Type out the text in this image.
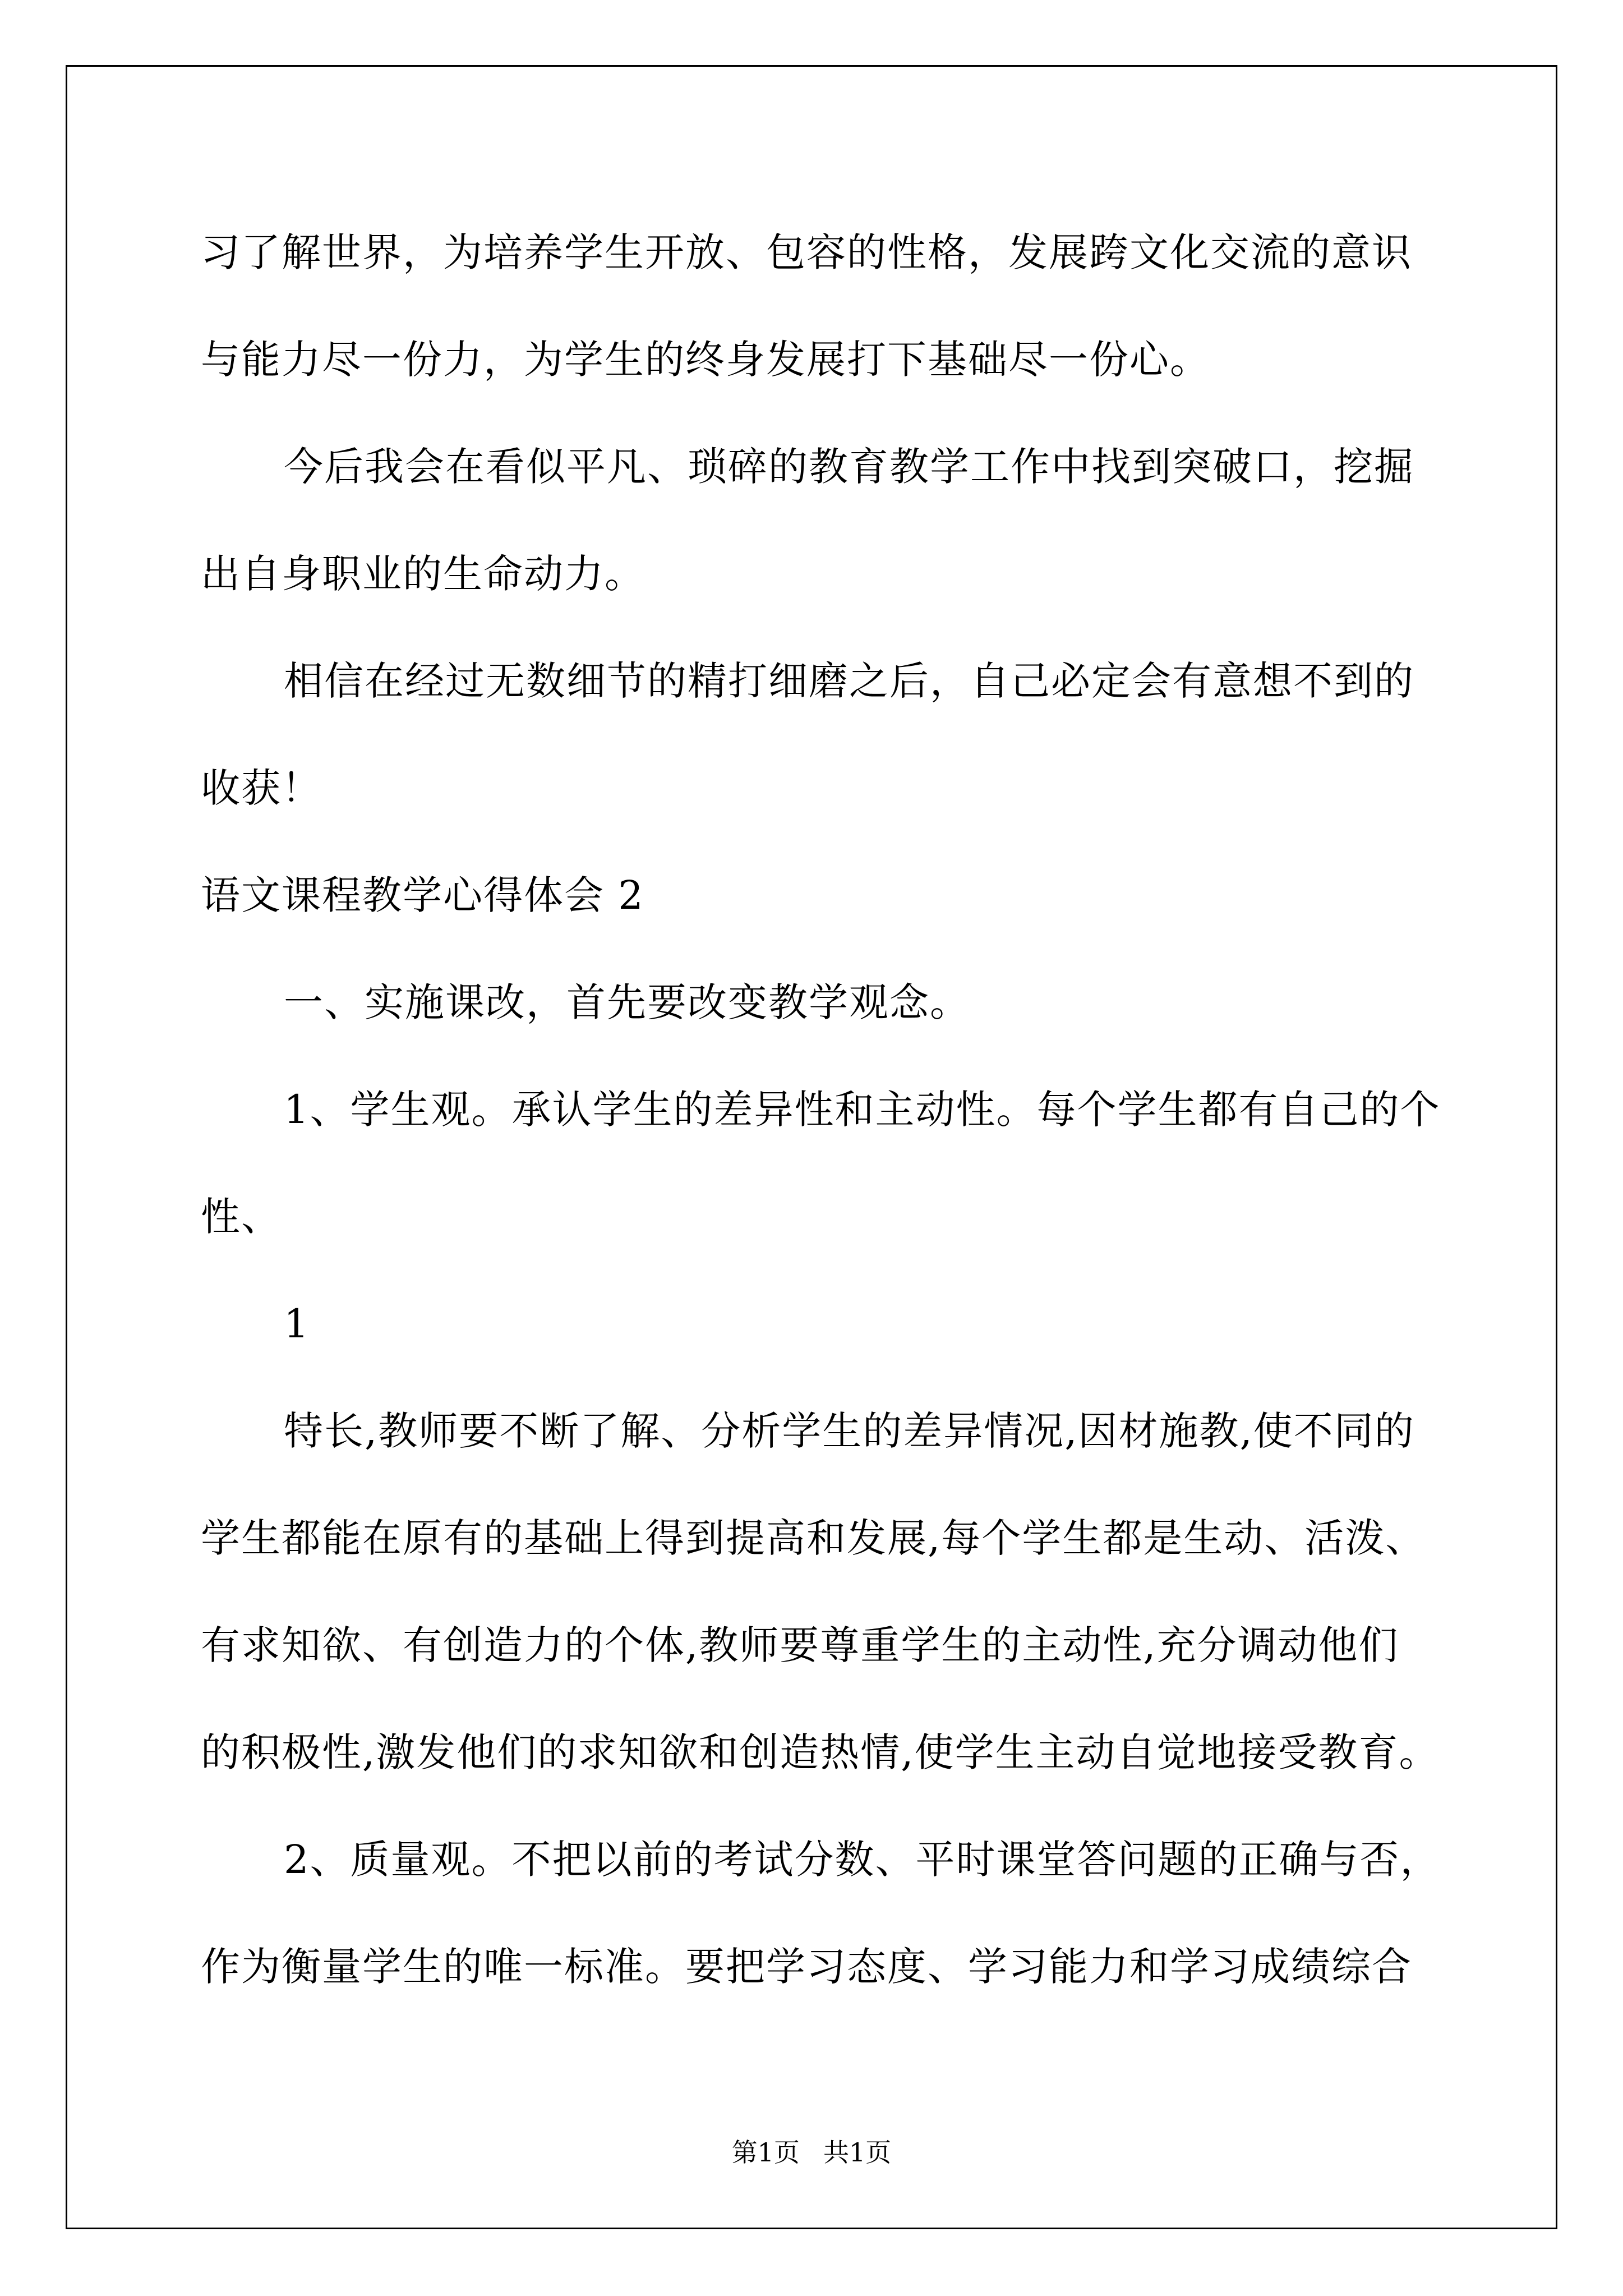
习了解世界，为培养学生开放、包容的性格，发展跨文化交流的意识
与能力尽一份力，为学生的终身发展打下基础尽一份心。
今后我会在看似平凡、琐碎的教育教学工作中找到突破口，挖掘
出自身职业的生命动力。
相信在经过无数细节的精打细磨之后，自己必定会有意想不到的
收获！
语文课程教学心得体会 2
一、实施课改，首先要改变教学观念。
1、学生观。承认学生的差异性和主动性。每个学生都有自己的个
性、
1
特长,教师要不断了解、分析学生的差异情况,因材施教,使不同的
学生都能在原有的基础上得到提高和发展,每个学生都是生动、活泼、
有求知欲、有创造力的个体,教师要尊重学生的主动性,充分调动他们
的积极性,激发他们的求知欲和创造热情,使学生主动自觉地接受教育。
2、质量观。不把以前的考试分数、平时课堂答问题的正确与否，
作为衡量学生的唯一标准。要把学习态度、学习能力和学习成绩综合
第1页 共1页
